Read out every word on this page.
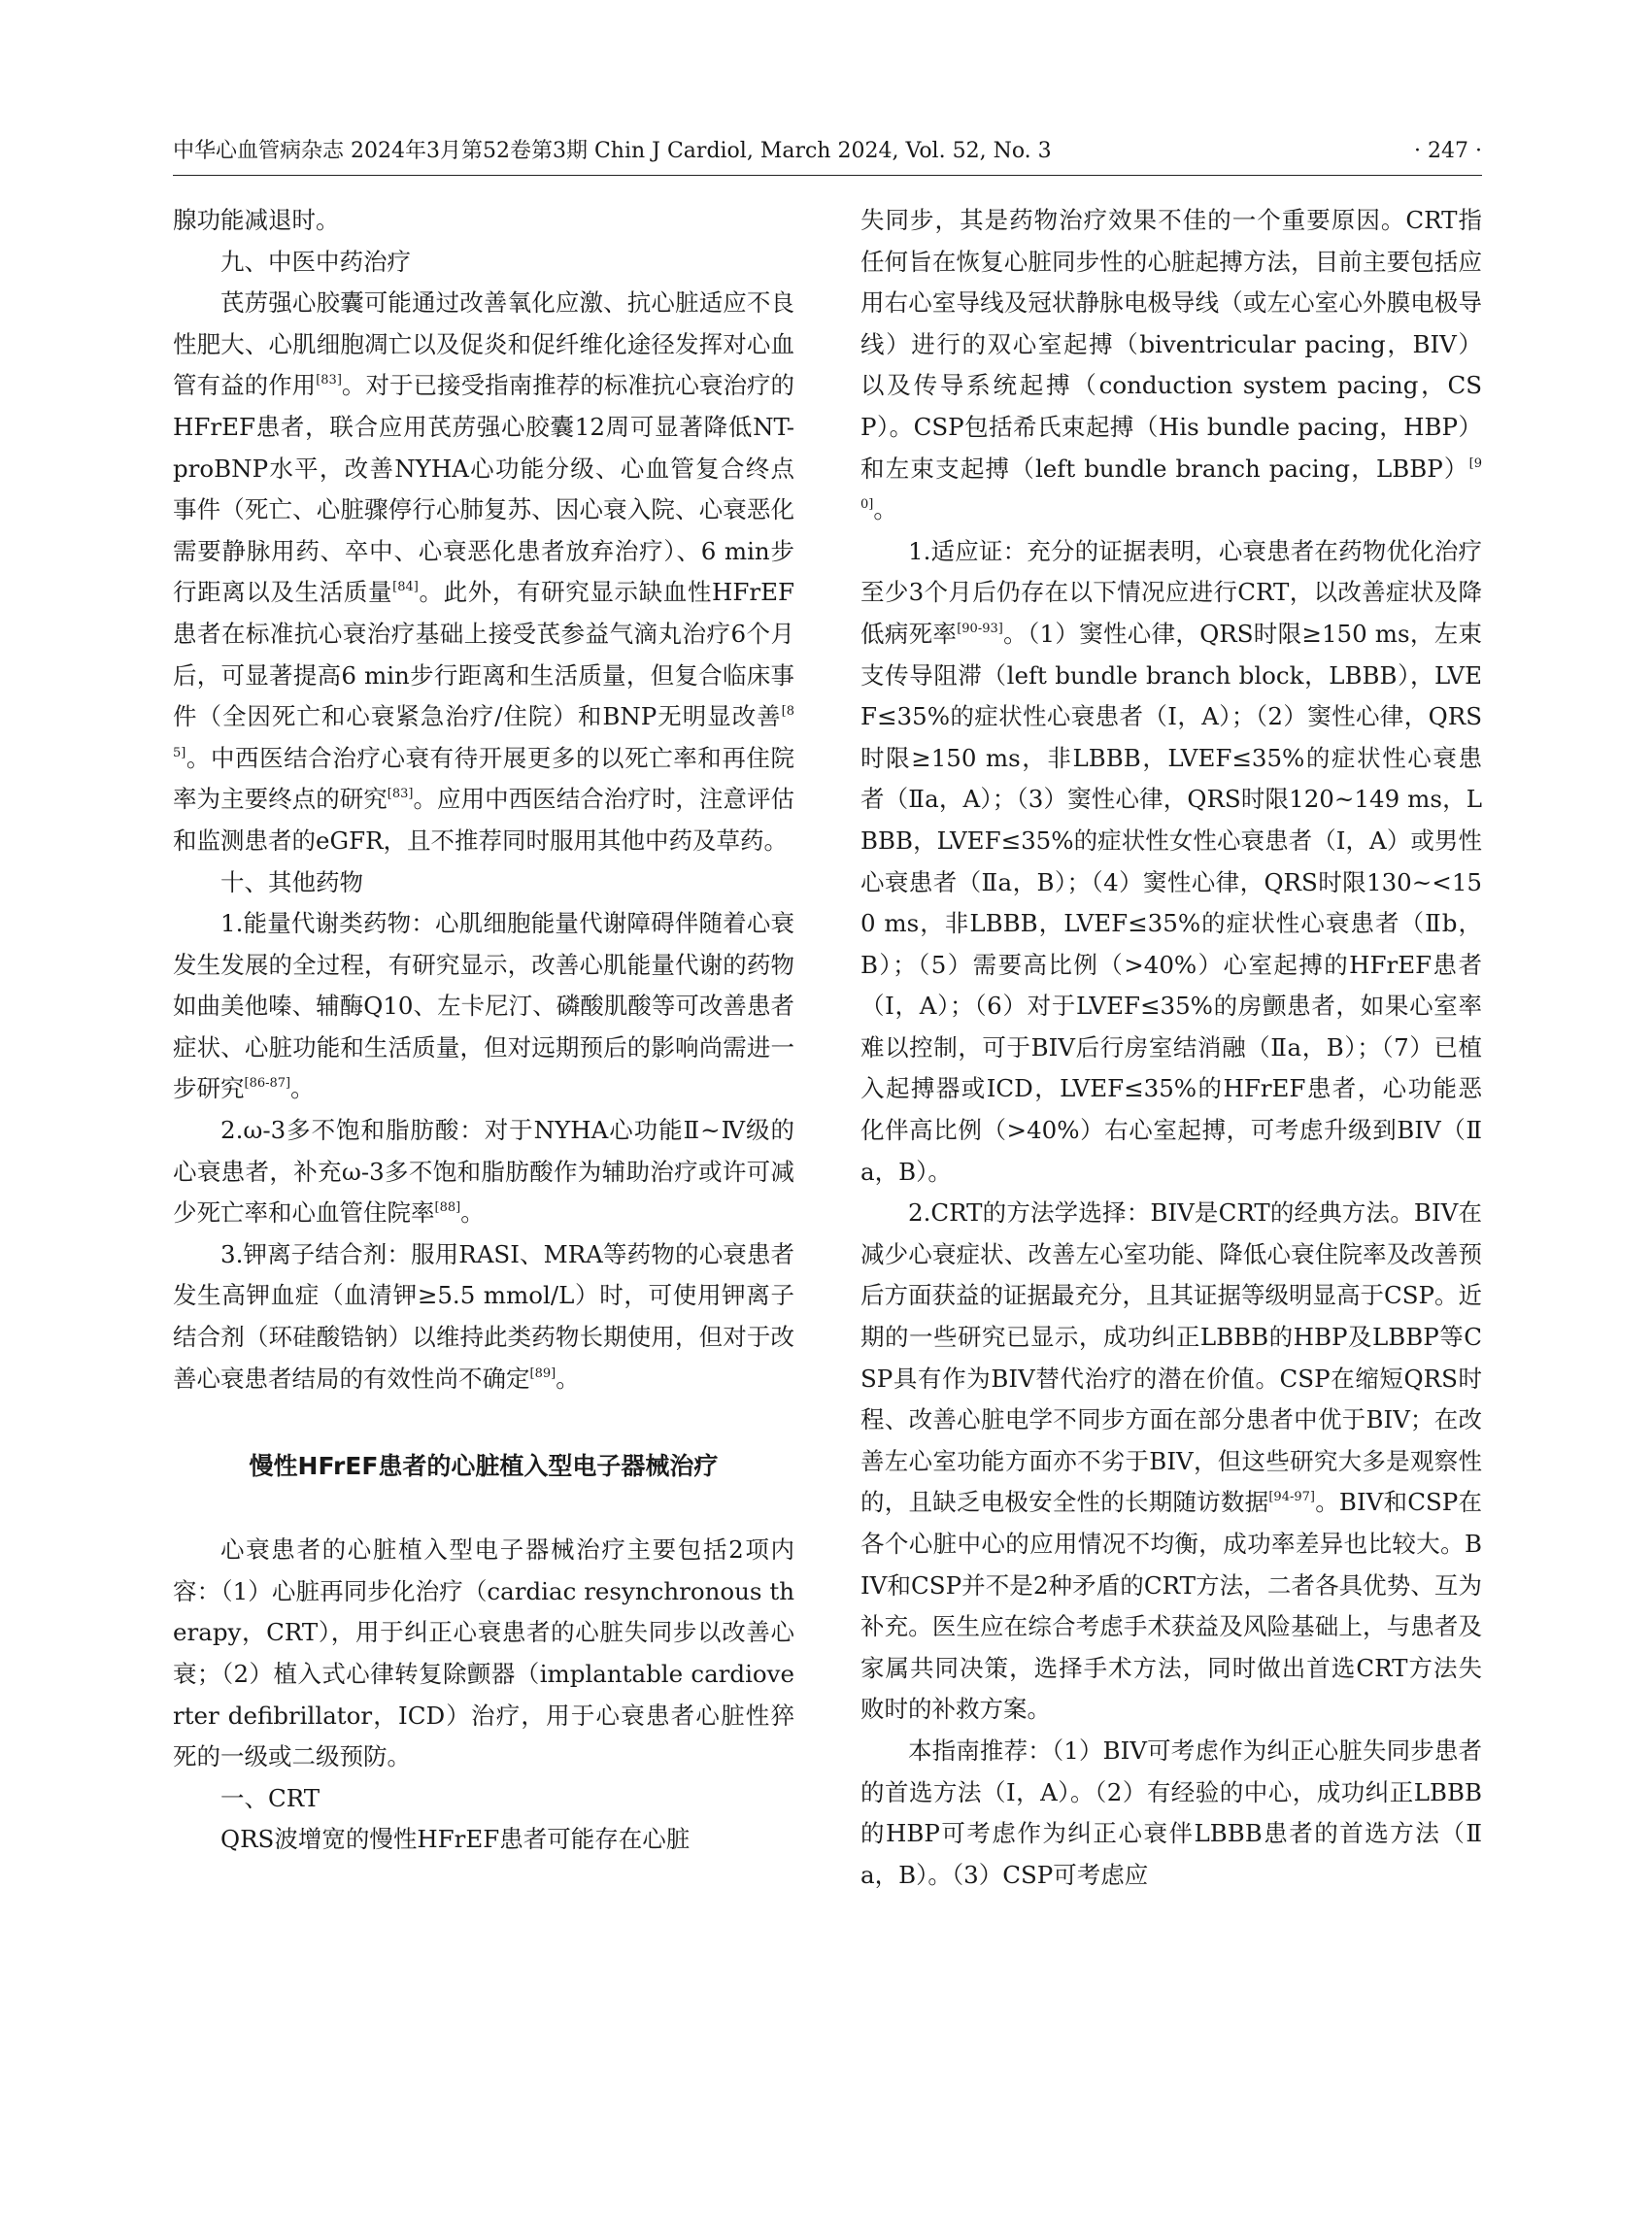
中华心血管病杂志 2024年3月第52卷第3期 Chin J Cardiol, March 2024, Vol. 52, No. 3	· 247 ·

腺功能减退时。

九、中医中药治疗

芪苈强心胶囊可能通过改善氧化应激、抗心脏适应不良性肥大、心肌细胞凋亡以及促炎和促纤维化途径发挥对心血管有益的作用[83]。对于已接受指南推荐的标准抗心衰治疗的HFrEF患者，联合应用芪苈强心胶囊12周可显著降低NT-proBNP水平，改善NYHA心功能分级、心血管复合终点事件（死亡、心脏骤停行心肺复苏、因心衰入院、心衰恶化需要静脉用药、卒中、心衰恶化患者放弃治疗）、6 min步行距离以及生活质量[84]。此外，有研究显示缺血性HFrEF患者在标准抗心衰治疗基础上接受芪参益气滴丸治疗6个月后，可显著提高6 min步行距离和生活质量，但复合临床事件（全因死亡和心衰紧急治疗/住院）和BNP无明显改善[85]。中西医结合治疗心衰有待开展更多的以死亡率和再住院率为主要终点的研究[83]。应用中西医结合治疗时，注意评估和监测患者的eGFR，且不推荐同时服用其他中药及草药。

十、其他药物

1.能量代谢类药物：心肌细胞能量代谢障碍伴随着心衰发生发展的全过程，有研究显示，改善心肌能量代谢的药物如曲美他嗪、辅酶Q10、左卡尼汀、磷酸肌酸等可改善患者症状、心脏功能和生活质量，但对远期预后的影响尚需进一步研究[86-87]。

2.ω-3多不饱和脂肪酸：对于NYHA心功能Ⅱ~Ⅳ级的心衰患者，补充ω-3多不饱和脂肪酸作为辅助治疗或许可减少死亡率和心血管住院率[88]。

3.钾离子结合剂：服用RASI、MRA等药物的心衰患者发生高钾血症（血清钾≥5.5 mmol/L）时，可使用钾离子结合剂（环硅酸锆钠）以维持此类药物长期使用，但对于改善心衰患者结局的有效性尚不确定[89]。

慢性HFrEF患者的心脏植入型电子器械治疗

心衰患者的心脏植入型电子器械治疗主要包括2项内容：（1）心脏再同步化治疗（cardiac resynchronous therapy，CRT），用于纠正心衰患者的心脏失同步以改善心衰；（2）植入式心律转复除颤器（implantable cardioverter defibrillator，ICD）治疗，用于心衰患者心脏性猝死的一级或二级预防。

一、CRT

QRS波增宽的慢性HFrEF患者可能存在心脏

失同步，其是药物治疗效果不佳的一个重要原因。CRT指任何旨在恢复心脏同步性的心脏起搏方法，目前主要包括应用右心室导线及冠状静脉电极导线（或左心室心外膜电极导线）进行的双心室起搏（biventricular pacing，BIV）以及传导系统起搏（conduction system pacing，CSP）。CSP包括希氏束起搏（His bundle pacing，HBP）和左束支起搏（left bundle branch pacing，LBBP）[90]。

1.适应证：充分的证据表明，心衰患者在药物优化治疗至少3个月后仍存在以下情况应进行CRT，以改善症状及降低病死率[90-93]。（1）窦性心律，QRS时限≥150 ms，左束支传导阻滞（left bundle branch block，LBBB），LVEF≤35%的症状性心衰患者（Ⅰ，A）；（2）窦性心律，QRS时限≥150 ms，非LBBB，LVEF≤35%的症状性心衰患者（Ⅱa，A）；（3）窦性心律，QRS时限120~149 ms，LBBB，LVEF≤35%的症状性女性心衰患者（Ⅰ，A）或男性心衰患者（Ⅱa，B）；（4）窦性心律，QRS时限130~<150 ms，非LBBB，LVEF≤35%的症状性心衰患者（Ⅱb，B）；（5）需要高比例（>40%）心室起搏的HFrEF患者（Ⅰ，A）；（6）对于LVEF≤35%的房颤患者，如果心室率难以控制，可于BIV后行房室结消融（Ⅱa，B）；（7）已植入起搏器或ICD，LVEF≤35%的HFrEF患者，心功能恶化伴高比例（>40%）右心室起搏，可考虑升级到BIV（Ⅱa，B）。

2.CRT的方法学选择：BIV是CRT的经典方法。BIV在减少心衰症状、改善左心室功能、降低心衰住院率及改善预后方面获益的证据最充分，且其证据等级明显高于CSP。近期的一些研究已显示，成功纠正LBBB的HBP及LBBP等CSP具有作为BIV替代治疗的潜在价值。CSP在缩短QRS时程、改善心脏电学不同步方面在部分患者中优于BIV；在改善左心室功能方面亦不劣于BIV，但这些研究大多是观察性的，且缺乏电极安全性的长期随访数据[94-97]。BIV和CSP在各个心脏中心的应用情况不均衡，成功率差异也比较大。BIV和CSP并不是2种矛盾的CRT方法，二者各具优势、互为补充。医生应在综合考虑手术获益及风险基础上，与患者及家属共同决策，选择手术方法，同时做出首选CRT方法失败时的补救方案。

本指南推荐：（1）BIV可考虑作为纠正心脏失同步患者的首选方法（Ⅰ，A）。（2）有经验的中心，成功纠正LBBB的HBP可考虑作为纠正心衰伴LBBB患者的首选方法（Ⅱa，B）。（3）CSP可考虑应
